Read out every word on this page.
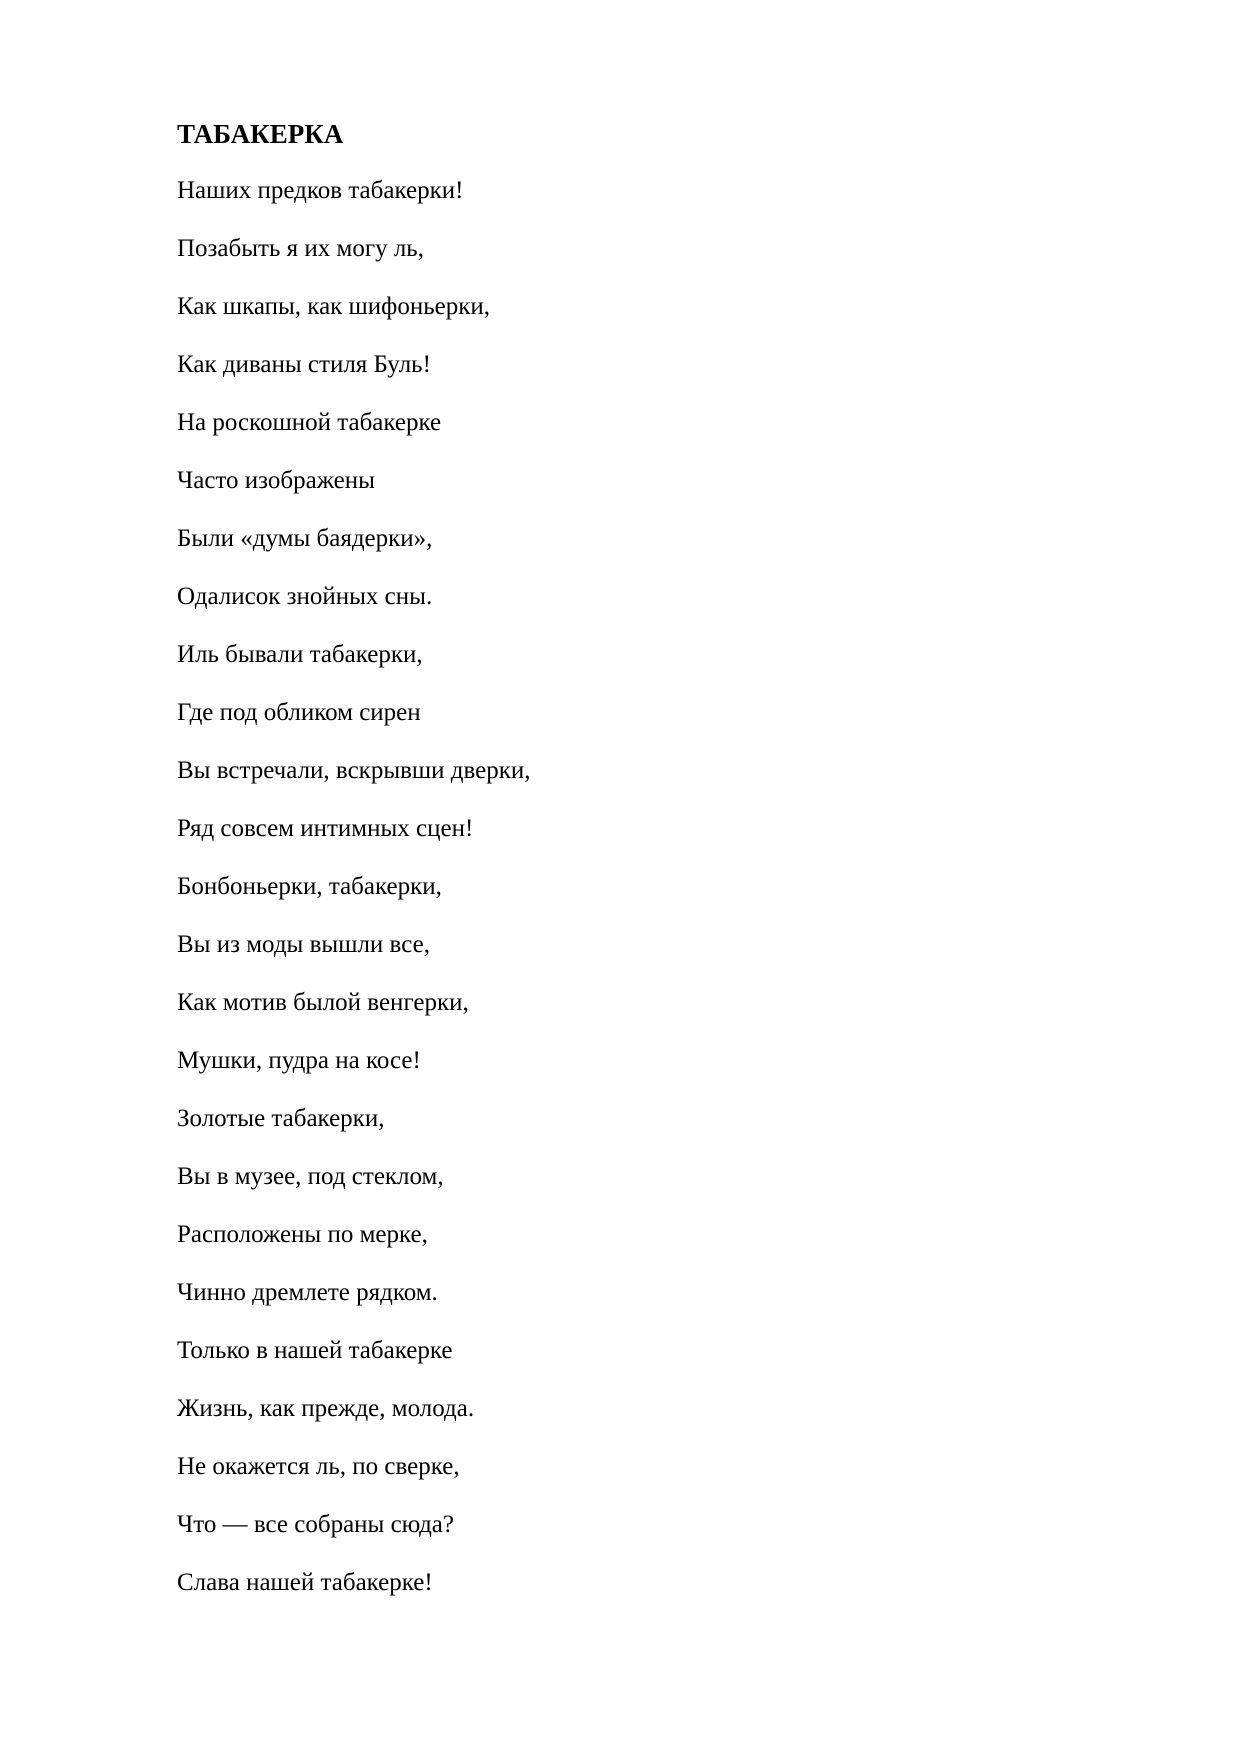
ТАБАКЕРКА
Наших предков табакерки!
Позабыть я их могу ль,
Как шкапы, как шифоньерки,
Как диваны стиля Буль!
На роскошной табакерке
Часто изображены
Были «думы баядерки»,
Одалисок знойных сны.
Иль бывали табакерки,
Где под обликом сирен
Вы встречали, вскрывши дверки,
Ряд совсем интимных сцен!
Бонбоньерки, табакерки,
Вы из моды вышли все,
Как мотив былой венгерки,
Мушки, пудра на косе!
Золотые табакерки,
Вы в музее, под стеклом,
Расположены по мерке,
Чинно дремлете рядком.
Только в нашей табакерке
Жизнь, как прежде, молода.
Не окажется ль, по сверке,
Что — все собраны сюда?
Слава нашей табакерке!
